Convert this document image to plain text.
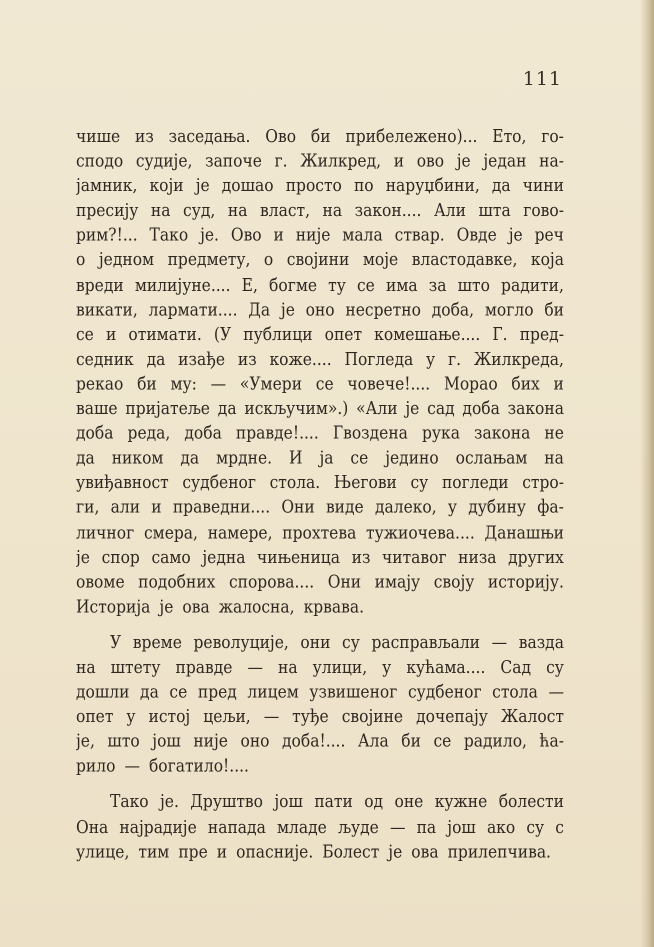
111
чише из заседања. Ово би прибележено)... Ето, го-
сподо судије, започе г. Жилкред, и ово је један на-
јамник, који је дошао просто по наруџбини, да чини
пресију на суд, на власт, на закон.... Али шта гово-
рим?!... Тако је. Ово и није мала ствар. Овде је реч
о једном предмету, о својини моје властодавке, која
вреди милијуне.... Е, богме ту се има за што радити,
викати, лармати.... Да је оно несретно доба, могло би
се и отимати. (У публици опет комешање.... Г. пред-
седник да изађе из коже.... Погледа у г. Жилкреда,
рекао би му: — «Умери се човече!.... Морао бих и
ваше пријатеље да искључим».) «Али је сад доба закона
доба реда, доба правде!.... Гвоздена рука закона не
да ником да мрдне. И ја се једино ослањам на
увиђавност судбеног стола. Његови су погледи стро-
ги, али и праведни.... Они виде далеко, у дубину фа-
личног смера, намере, прохтева тужиочева.... Данашњи
је спор само једна чињеница из читавог низа других
овоме подобних спорова.... Они имају своју историју.
Историја је ова жалосна, крвава.
У време револуције, они су расправљали — вазда
на штету правде — на улици, у кућама.... Сад су
дошли да се пред лицем узвишеног судбеног стола —
опет у истој цељи, — туђе својине дочепају Жалост
је, што још није оно доба!.... Ала би се радило, ћа-
рило — богатило!....
Тако је. Друштво још пати од оне кужне болести
Она најрадије напада младе људе — па још ако су с
улице, тим пре и опасније. Болест је ова прилепчива.
